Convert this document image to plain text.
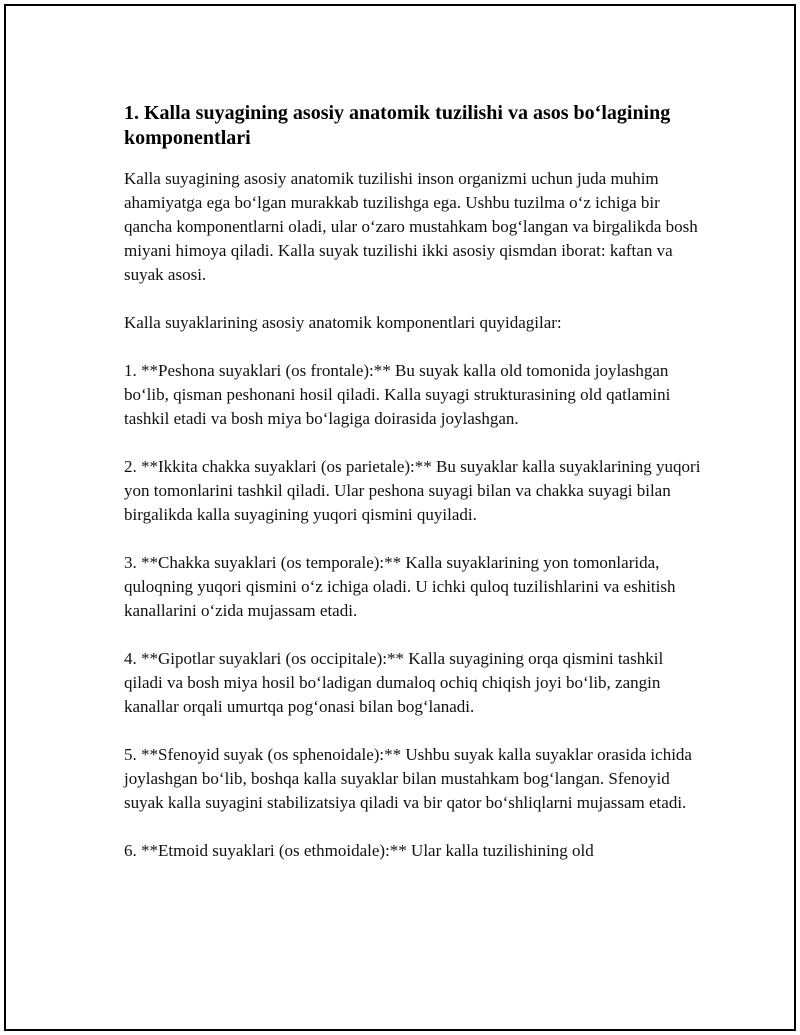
1. Kalla suyagining asosiy anatomik tuzilishi va asos bo‘lagining komponentlari

Kalla suyagining asosiy anatomik tuzilishi inson organizmi uchun juda muhim ahamiyatga ega bo‘lgan murakkab tuzilishga ega. Ushbu tuzilma o‘z ichiga bir qancha komponentlarni oladi, ular o‘zaro mustahkam bog‘langan va birgalikda bosh miyani himoya qiladi. Kalla suyak tuzilishi ikki asosiy qismdan iborat: kaftan va suyak asosi.

Kalla suyaklarining asosiy anatomik komponentlari quyidagilar:

1. **Peshona suyaklari (os frontale):** Bu suyak kalla old tomonida joylashgan bo‘lib, qisman peshonani hosil qiladi. Kalla suyagi strukturasining old qatlamini tashkil etadi va bosh miya bo‘lagiga doirasida joylashgan.

2. **Ikkita chakka suyaklari (os parietale):** Bu suyaklar kalla suyaklarining yuqori yon tomonlarini tashkil qiladi. Ular peshona suyagi bilan va chakka suyagi bilan birgalikda kalla suyagining yuqori qismini quyiladi.

3. **Chakka suyaklari (os temporale):** Kalla suyaklarining yon tomonlarida, quloqning yuqori qismini o‘z ichiga oladi. U ichki quloq tuzilishlarini va eshitish kanallarini o‘zida mujassam etadi.

4. **Gipotlar suyaklari (os occipitale):** Kalla suyagining orqa qismini tashkil qiladi va bosh miya hosil bo‘ladigan dumaloq ochiq chiqish joyi bo‘lib, zangin kanallar orqali umurtqa pog‘onasi bilan bog‘lanadi.

5. **Sfenoyid suyak (os sphenoidale):** Ushbu suyak kalla suyaklar orasida ichida joylashgan bo‘lib, boshqa kalla suyaklar bilan mustahkam bog‘langan. Sfenoyid suyak kalla suyagini stabilizatsiya qiladi va bir qator bo‘shliqlarni mujassam etadi.

6. **Etmoid suyaklari (os ethmoidale):** Ular kalla tuzilishining old
